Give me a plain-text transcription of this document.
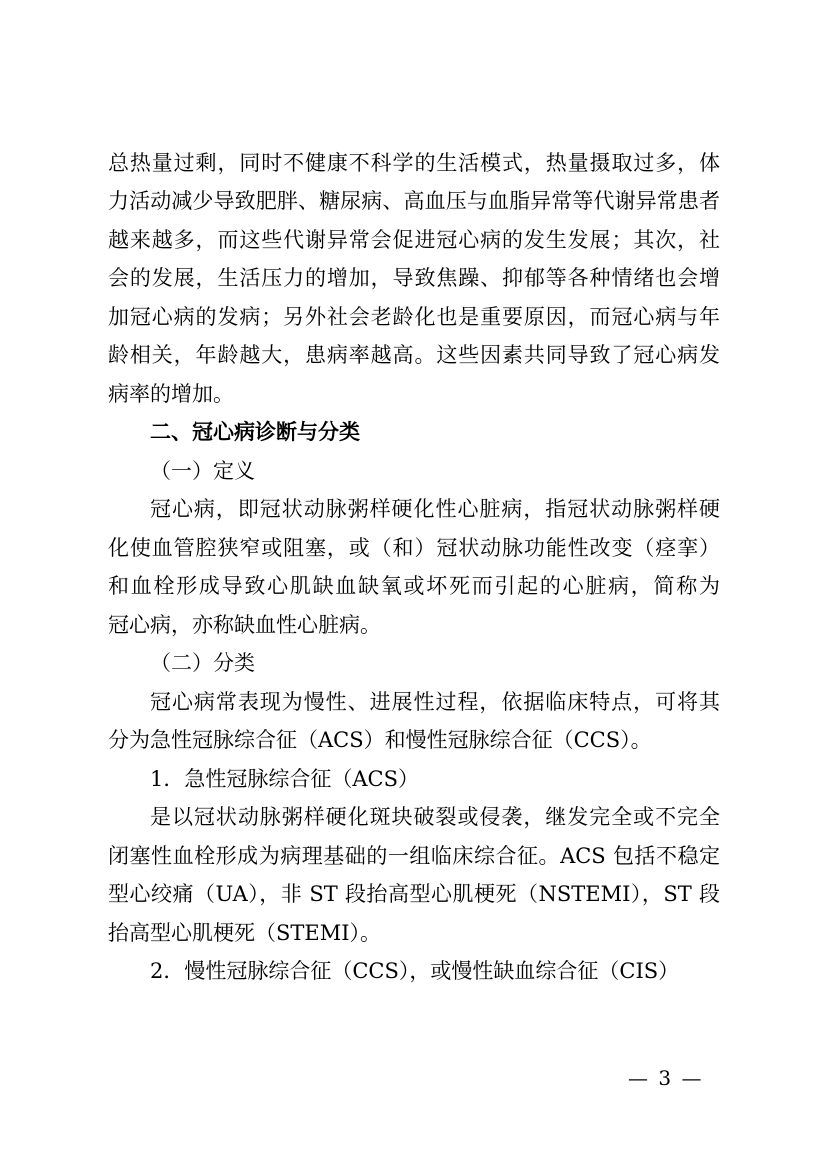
总热量过剩，同时不健康不科学的生活模式，热量摄取过多，体
力活动减少导致肥胖、糖尿病、高血压与血脂异常等代谢异常患者
越来越多，而这些代谢异常会促进冠心病的发生发展；其次，社
会的发展，生活压力的增加，导致焦躁、抑郁等各种情绪也会增
加冠心病的发病；另外社会老龄化也是重要原因，而冠心病与年
龄相关，年龄越大，患病率越高。这些因素共同导致了冠心病发
病率的增加。
二、冠心病诊断与分类
（一）定义
冠心病，即冠状动脉粥样硬化性心脏病，指冠状动脉粥样硬
化使血管腔狭窄或阻塞，或（和）冠状动脉功能性改变（痉挛）
和血栓形成导致心肌缺血缺氧或坏死而引起的心脏病，简称为
冠心病，亦称缺血性心脏病。
（二）分类
冠心病常表现为慢性、进展性过程，依据临床特点，可将其
分为急性冠脉综合征（ACS）和慢性冠脉综合征（CCS）。
1．急性冠脉综合征（ACS）
是以冠状动脉粥样硬化斑块破裂或侵袭，继发完全或不完全
闭塞性血栓形成为病理基础的一组临床综合征。ACS 包括不稳定
型心绞痛（UA），非 ST 段抬高型心肌梗死（NSTEMI），ST 段
抬高型心肌梗死（STEMI）。
2．慢性冠脉综合征（CCS），或慢性缺血综合征（CIS）
— 3 —
